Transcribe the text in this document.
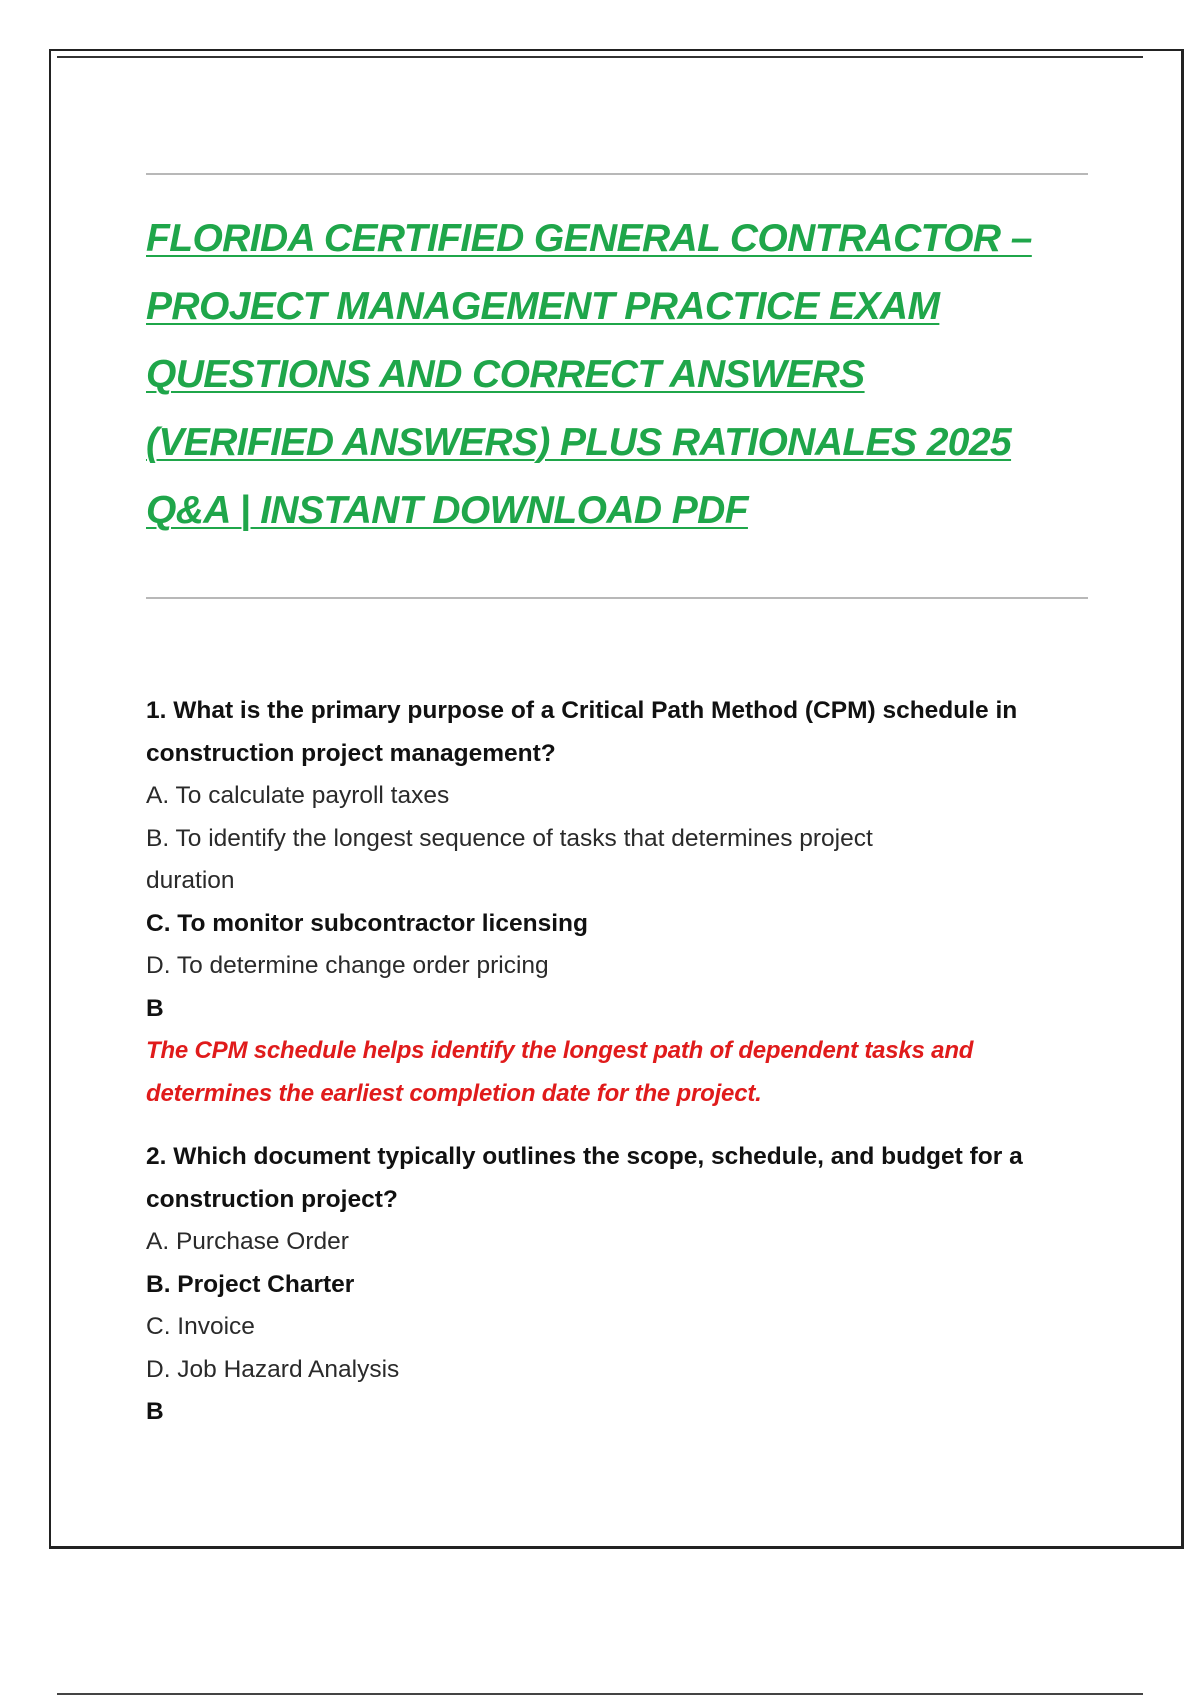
FLORIDA CERTIFIED GENERAL CONTRACTOR –
PROJECT MANAGEMENT PRACTICE EXAM
QUESTIONS AND CORRECT ANSWERS
(VERIFIED ANSWERS) PLUS RATIONALES 2025
Q&A | INSTANT DOWNLOAD PDF

1. What is the primary purpose of a Critical Path Method (CPM) schedule in
construction project management?

A. To calculate payroll taxes

B. To identify the longest sequence of tasks that determines project

duration

C. To monitor subcontractor licensing

D. To determine change order pricing

B

The CPM schedule helps identify the longest path of dependent tasks and
determines the earliest completion date for the project.

2. Which document typically outlines the scope, schedule, and budget for a
construction project?

A. Purchase Order

B. Project Charter

C. Invoice

D. Job Hazard Analysis

B
